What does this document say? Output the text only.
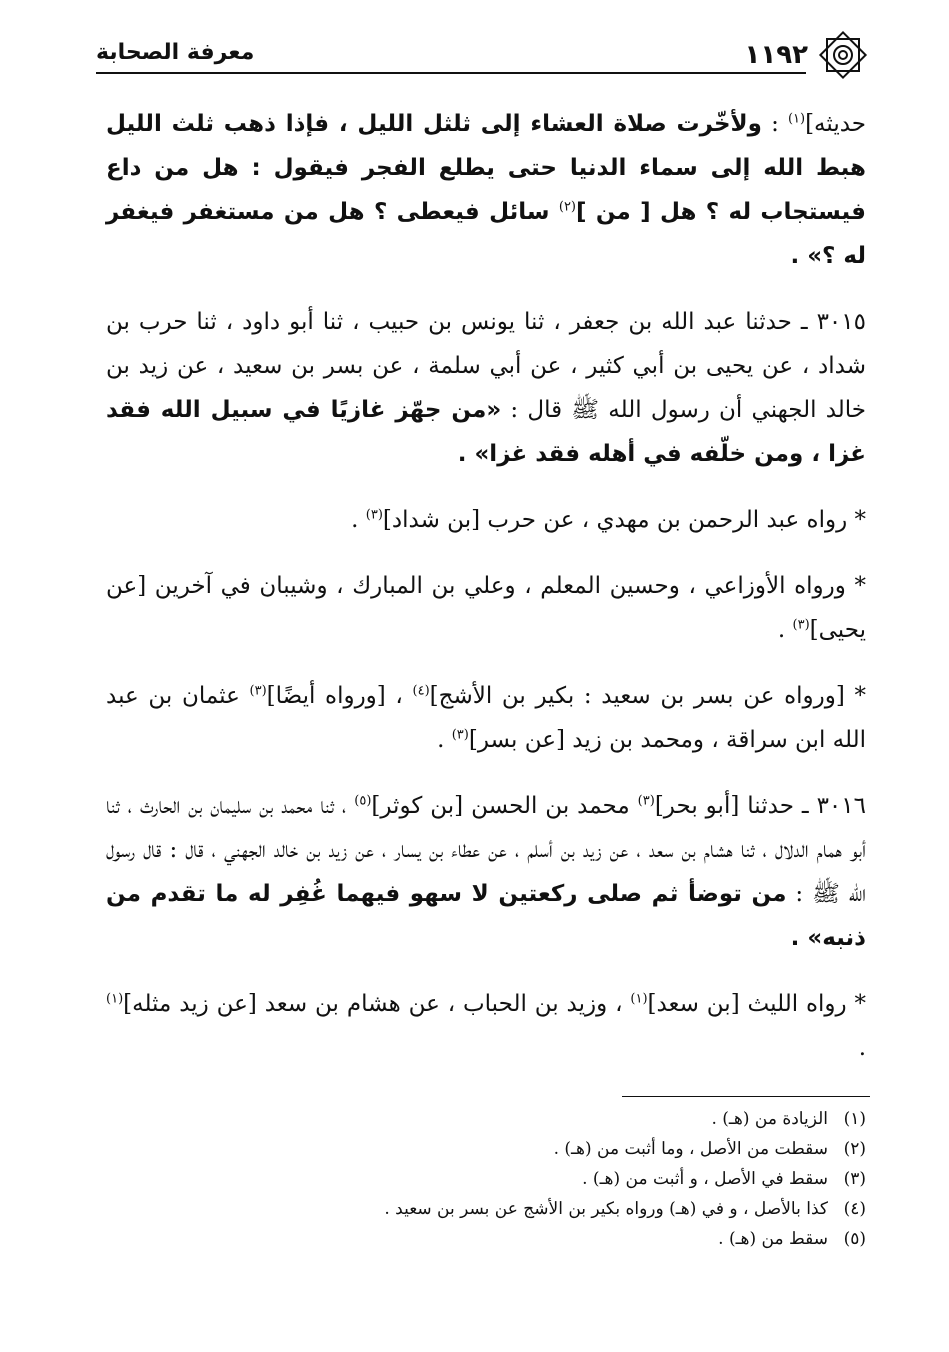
١١٩٢
معرفة الصحابة

حديثه]$^{(١)}$ : ولأخّرت صلاة العشاء إلى ثلثل الليل ، فإذا ذهب ثلث الليل هبط الله إلى سماء الدنيا حتى يطلع الفجر فيقول : هل من داع فيستجاب له ؟ هل [ من ]$^{(٢)}$ سائل فيعطى ؟ هل من مستغفر فيغفر له ؟» .

٣٠١٥ ـ حدثنا عبد الله بن جعفر ، ثنا يونس بن حبيب ، ثنا أبو داود ، ثنا حرب بن شداد ، عن يحيى بن أبي كثير ، عن أبي سلمة ، عن بسر بن سعيد ، عن زيد بن خالد الجهني أن رسول الله ﷺ قال : «من جهّز غازيًا في سبيل الله فقد غزا ، ومن خلّفه في أهله فقد غزا» .

* رواه عبد الرحمن بن مهدي ، عن حرب [بن شداد]$^{(٣)}$ .

* ورواه الأوزاعي ، وحسين المعلم ، وعلي بن المبارك ، وشيبان في آخرين [عن يحيى]$^{(٣)}$ .

* [ورواه عن بسر بن سعيد : بكير بن الأشج]$^{(٤)}$ ، [ورواه أيضًا]$^{(٣)}$ عثمان بن عبد الله ابن سراقة ، ومحمد بن زيد [عن بسر]$^{(٣)}$ .

٣٠١٦ ـ حدثنا [أبو بحر]$^{(٣)}$ محمد بن الحسن [بن كوثر]$^{(٥)}$ ، ثنا محمد بن سليمان بن الحارث ، ثنا أبو همام الدلال ، ثنا هشام بن سعد ، عن زيد بن أسلم ، عن عطاء بن يسار ، عن زيد بن خالد الجهني ، قال : قال رسول الله ﷺ : من توضأ ثم صلى ركعتين لا سهو فيهما غُفِر له ما تقدم من ذنبه» .

* رواه الليث [بن سعد]$^{(١)}$ ، وزيد بن الحباب ، عن هشام بن سعد [عن زيد مثله]$^{(١)}$ .

(١)
الزيادة من (هـ) .
(٢)
سقطت من الأصل ، وما أثبت من (هـ) .
(٣)
سقط في الأصل ، و أثبت من (هـ) .
(٤)
كذا بالأصل ، و في (هـ) ورواه بكير بن الأشج عن بسر بن سعيد .
(٥)
سقط من (هـ) .
